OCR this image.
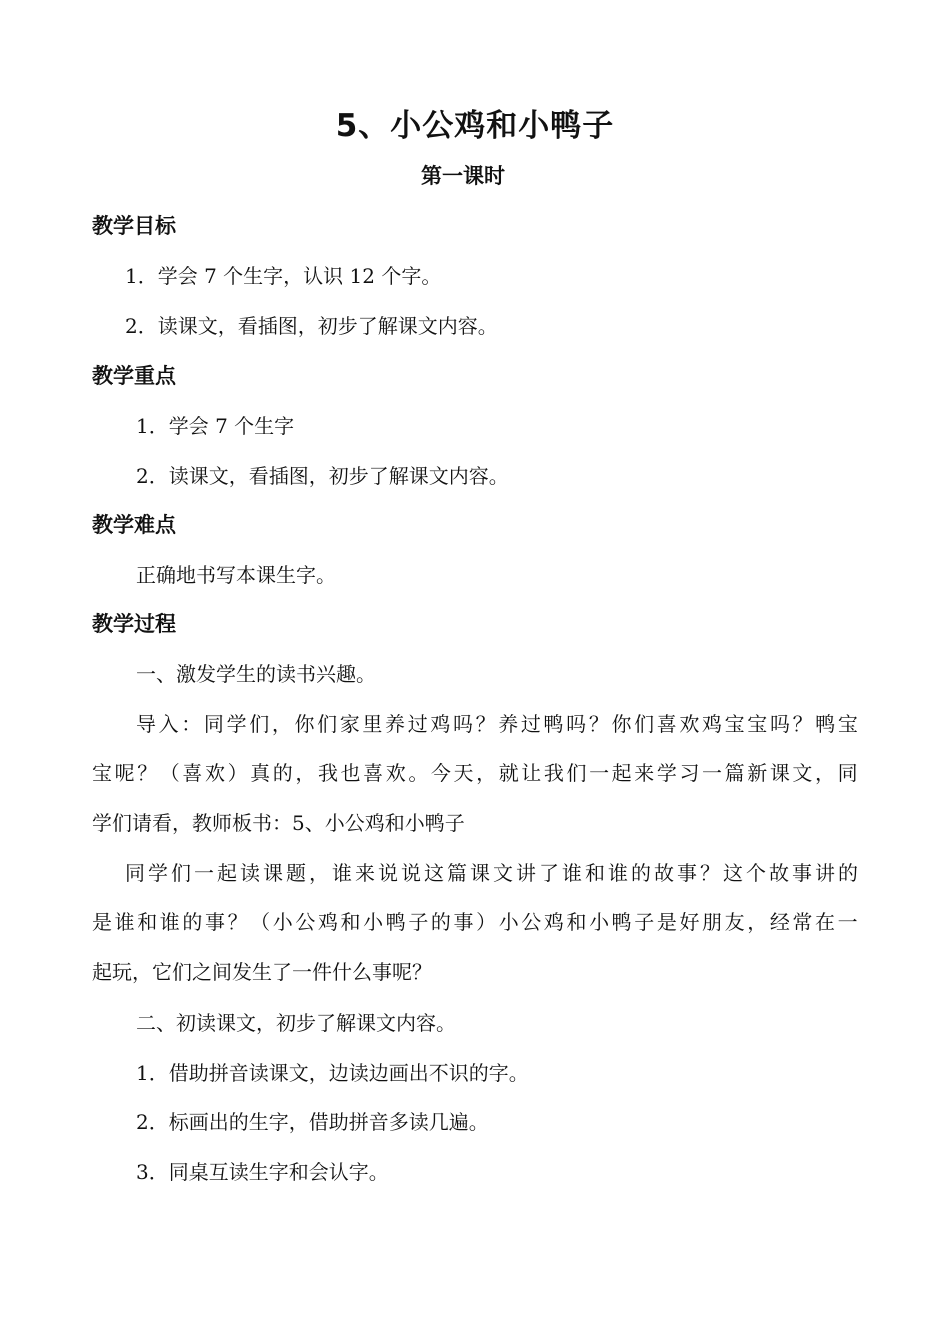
5、小公鸡和小鸭子
第一课时
教学目标
1．学会 7 个生字，认识 12 个字。
2．读课文，看插图，初步了解课文内容。
教学重点
1．学会 7 个生字
2．读课文，看插图，初步了解课文内容。
教学难点
正确地书写本课生字。
教学过程
一、激发学生的读书兴趣。
导 入 ： 同 学 们 ， 你 们 家 里 养 过 鸡 吗 ？ 养 过 鸭 吗 ？ 你 们 喜 欢 鸡 宝 宝 吗 ？ 鸭 宝
宝 呢 ？ （ 喜 欢 ） 真 的 ， 我 也 喜 欢 。 今 天 ， 就 让 我 们 一 起 来 学 习 一 篇 新 课 文 ， 同
学们请看，教师板书：5、小公鸡和小鸭子
同 学 们 一 起 读 课 题 ， 谁 来 说 说 这 篇 课 文 讲 了 谁 和 谁 的 故 事 ？ 这 个 故 事 讲 的
是 谁 和 谁 的 事 ？ （ 小 公 鸡 和 小 鸭 子 的 事 ） 小 公 鸡 和 小 鸭 子 是 好 朋 友 ， 经 常 在 一
起玩，它们之间发生了一件什么事呢？
二、初读课文，初步了解课文内容。
1．借助拼音读课文，边读边画出不识的字。
2．标画出的生字，借助拼音多读几遍。
3．同桌互读生字和会认字。
